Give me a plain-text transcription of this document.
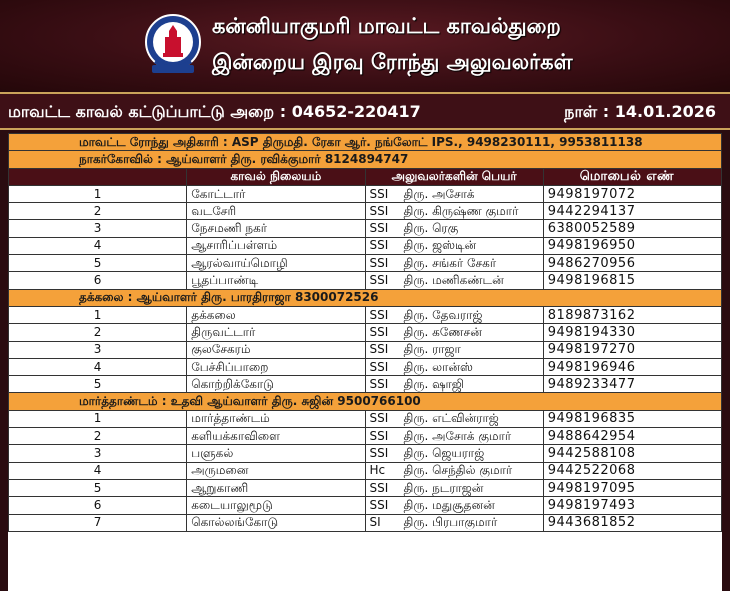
கன்னியாகுமரி மாவட்ட காவல்துறை
இன்றைய இரவு ரோந்து அலுவலர்கள்
மாவட்ட காவல் கட்டுப்பாட்டு அறை : 04652-220417	நாள் : 14.01.2026
மாவட்ட ரோந்து அதிகாரி : ASP திருமதி. ரேகா ஆர். நங்லோட் IPS., 9498230111, 9953811138			
நாகர்கோவில் : ஆய்வாளர் திரு. ரவிக்குமார் 8124894747			
	காவல் நிலையம்	அலுவலர்களின் பெயர்	மொபைல் எண்
1	கோட்டார்	SSI திரு. அசோக்	9498197072
2	வடசேரி	SSI திரு. கிருஷ்ண குமார்	9442294137
3	நேசமணி நகர்	SSI திரு. ரெகு	6380052589
4	ஆசாரிப்பள்ளம்	SSI திரு. ஜஸ்டின்	9498196950
5	ஆரல்வாய்மொழி	SSI திரு. சங்கர் சேகர்	9486270956
6	பூதப்பாண்டி	SSI திரு. மணிகண்டன்	9498196815
தக்கலை : ஆய்வாளர் திரு. பாரதிராஜா 8300072526			
1	தக்கலை	SSI திரு. தேவராஜ்	8189873162
2	திருவட்டார்	SSI திரு. கணேசன்	9498194330
3	குலசேகரம்	SSI திரு. ராஜா	9498197270
4	பேச்சிப்பாறை	SSI திரு. லான்ஸ்	9498196946
5	கொற்றிக்கோடு	SSI திரு. ஷாஜி	9489233477
மார்த்தாண்டம் : உதவி ஆய்வாளர் திரு. சுஜின் 9500766100			
1	மார்த்தாண்டம்	SSI திரு. எட்வின்ராஜ்	9498196835
2	களியக்காவிளை	SSI திரு. அசோக் குமார்	9488642954
3	பளுகல்	SSI திரு. ஜெயராஜ்	9442588108
4	அருமனை	Hc திரு. செந்தில் குமார்	9442522068
5	ஆறுகாணி	SSI திரு. நடராஜன்	9498197095
6	கடையாலுமூடு	SSI திரு. மதுசூதனன்	9498197493
7	கொல்லங்கோடு	SI திரு. பிரபாகுமார்	9443681852
